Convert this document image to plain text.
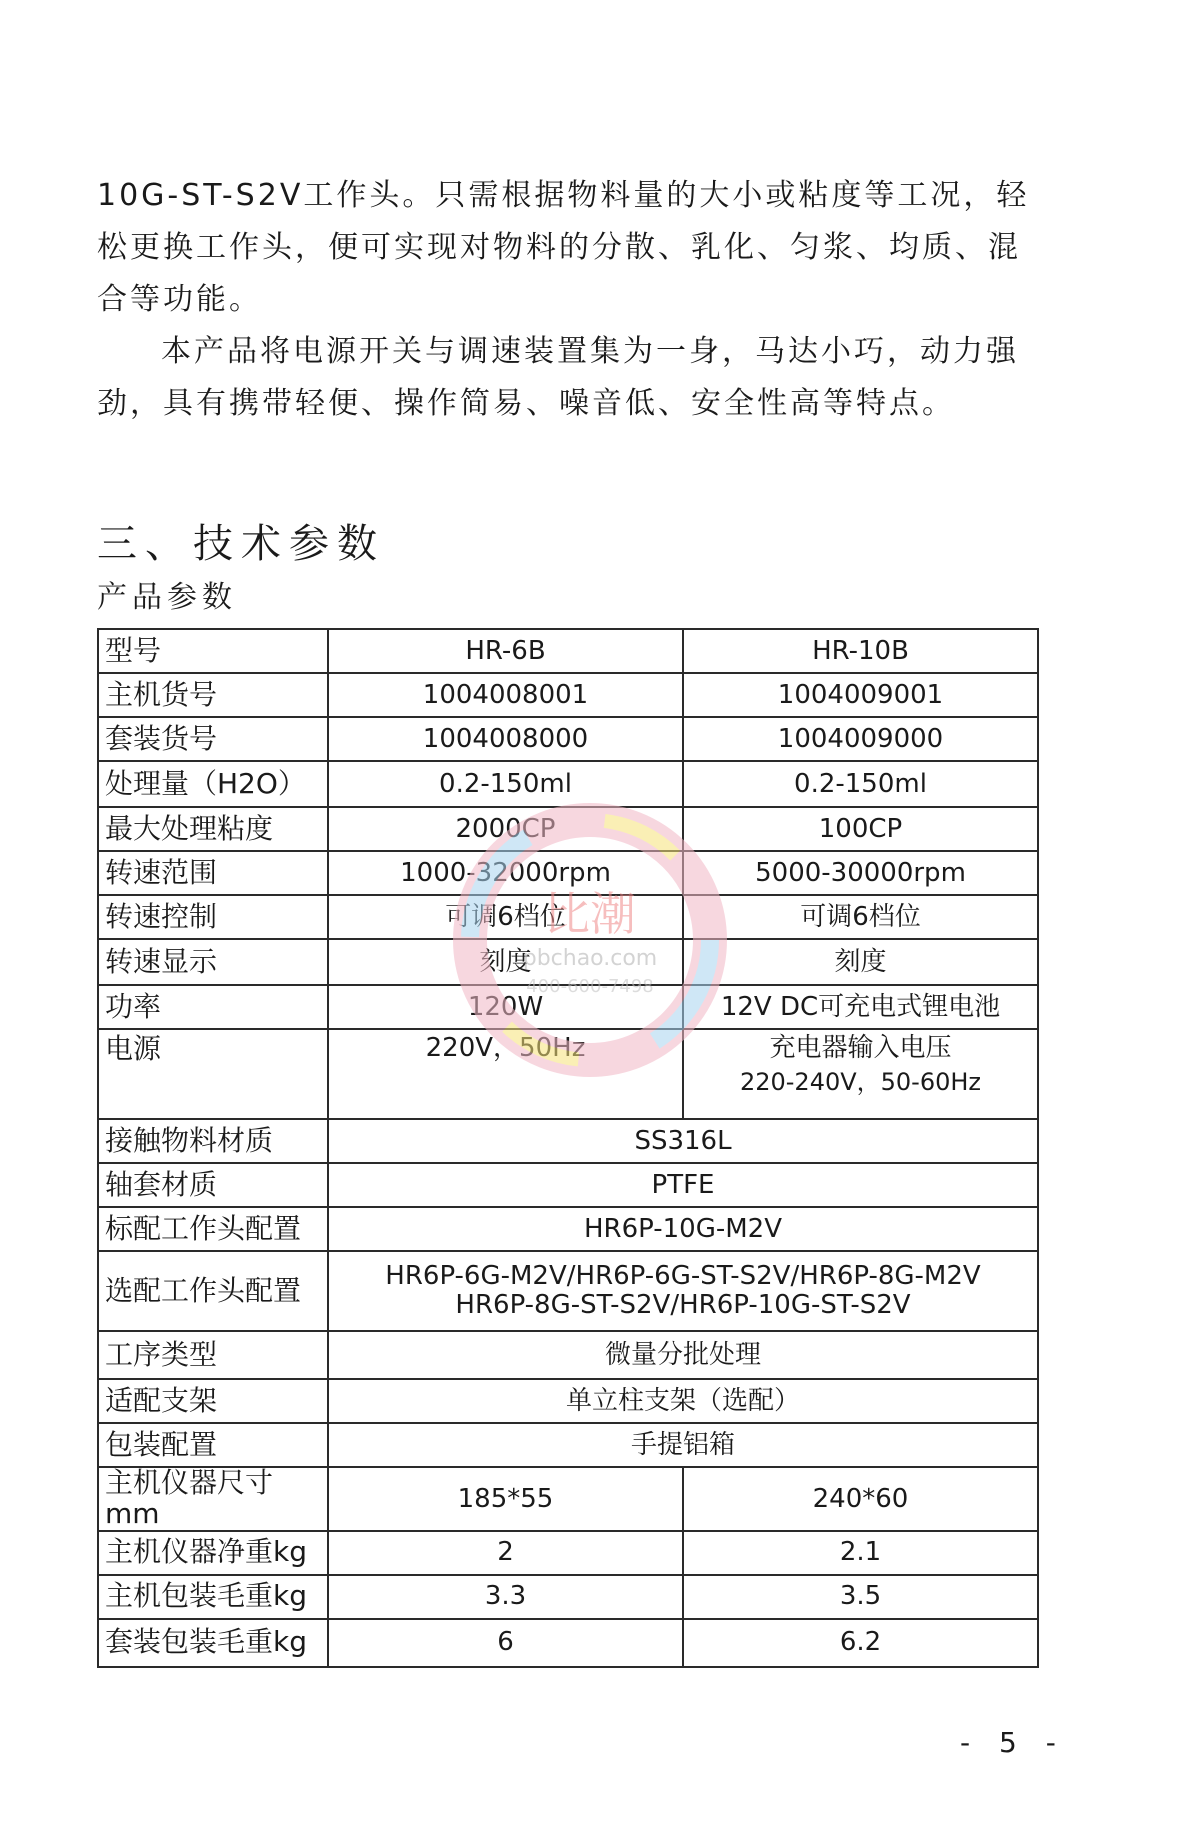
10G-ST-S2V工作头。只需根据物料量的大小或粘度等工况，轻松更换工作头，便可实现对物料的分散、乳化、匀浆、均质、混合等功能。

本产品将电源开关与调速装置集为一身，马达小巧，动力强劲，具有携带轻便、操作简易、噪音低、安全性高等特点。

三、技术参数

产品参数

型号	HR-6B	HR-10B
主机货号	1004008001	1004009001
套装货号	1004008000	1004009000
处理量（H2O）	0.2-150ml	0.2-150ml
最大处理粘度	2000CP	100CP
转速范围	1000-32000rpm	5000-30000rpm
转速控制	可调6档位	可调6档位
转速显示	刻度	刻度
功率	120W	12V DC可充电式锂电池
电源	220V，50Hz	充电器输入电压
220-240V，50-60Hz

接触物料材质	SS316L	
轴套材质	PTFE	
标配工作头配置	HR6P-10G-M2V	
选配工作头配置	HR6P-6G-M2V/HR6P-6G-ST-S2V/HR6P-8G-M2V
HR6P-8G-ST-S2V/HR6P-10G-ST-S2V	

工序类型	微量分批处理	
适配支架	单立柱支架（选配）	
包装配置	手提铝箱	
主机仪器尺寸mm	185*55	240*60
主机仪器净重kg	2	2.1
主机包装毛重kg	3.3	3.5
套装包装毛重kg	6	6.2
比潮
pbchao.com
400-600-7498

- 5 -
